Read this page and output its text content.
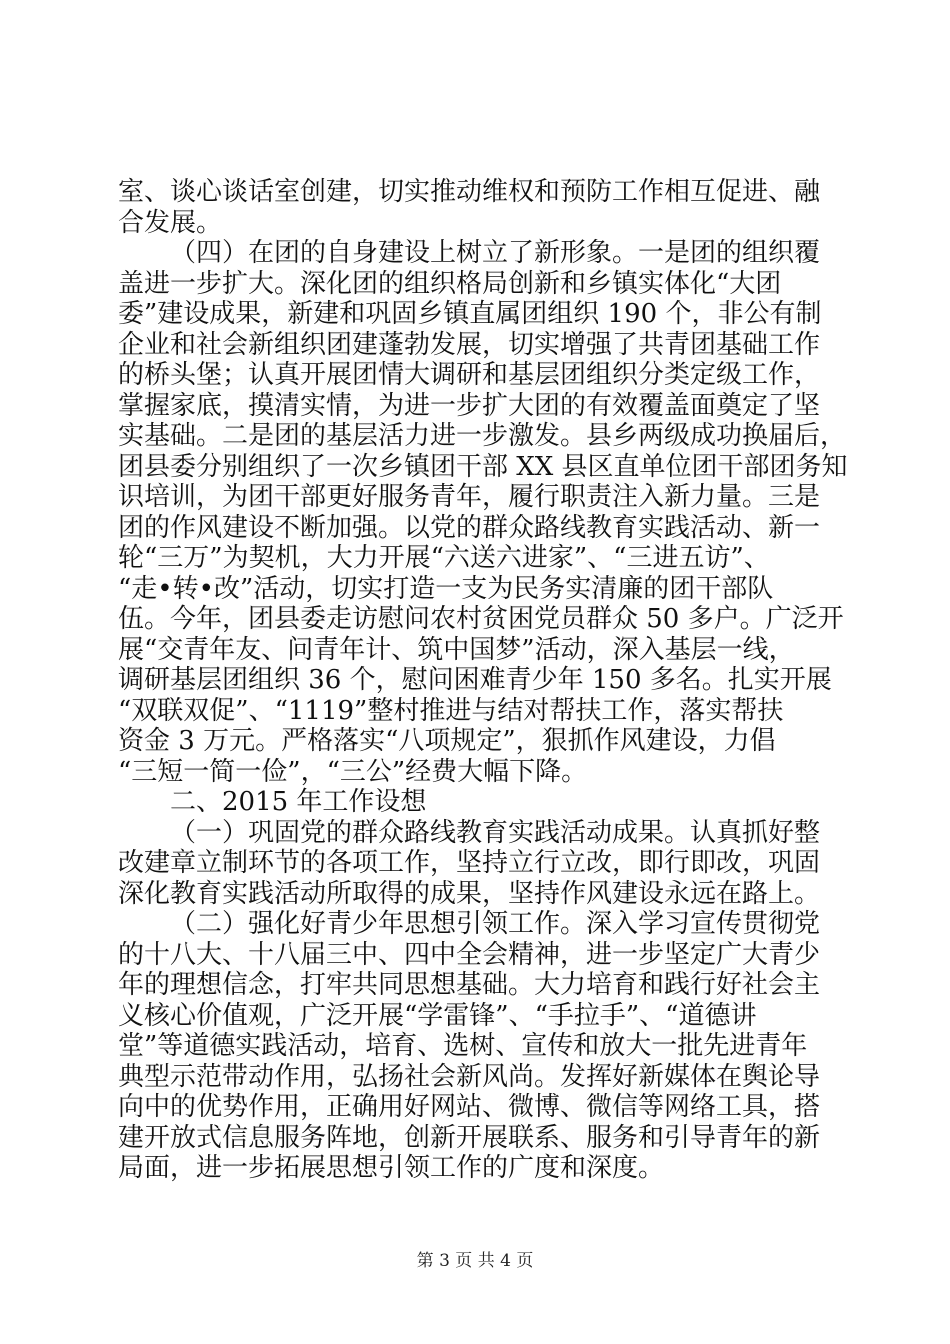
室、谈心谈话室创建，切实推动维权和预防工作相互促进、融
合发展。
（四）在团的自身建设上树立了新形象。一是团的组织覆
盖进一步扩大。深化团的组织格局创新和乡镇实体化“大团
委”建设成果，新建和巩固乡镇直属团组织 190 个，非公有制
企业和社会新组织团建蓬勃发展，切实增强了共青团基础工作
的桥头堡；认真开展团情大调研和基层团组织分类定级工作，
掌握家底，摸清实情，为进一步扩大团的有效覆盖面奠定了坚
实基础。二是团的基层活力进一步激发。县乡两级成功换届后，
团县委分别组织了一次乡镇团干部 XX 县区直单位团干部团务知
识培训，为团干部更好服务青年，履行职责注入新力量。三是
团的作风建设不断加强。以党的群众路线教育实践活动、新一
轮“三万”为契机，大力开展“六送六进家”、“三进五访”、
“走•转•改”活动，切实打造一支为民务实清廉的团干部队
伍。今年，团县委走访慰问农村贫困党员群众 50 多户。广泛开
展“交青年友、问青年计、筑中国梦”活动，深入基层一线，
调研基层团组织 36 个，慰问困难青少年 150 多名。扎实开展
“双联双促”、“1119”整村推进与结对帮扶工作，落实帮扶
资金 3 万元。严格落实“八项规定”，狠抓作风建设，力倡
“三短一简一俭”，“三公”经费大幅下降。
二、2015 年工作设想
（一）巩固党的群众路线教育实践活动成果。认真抓好整
改建章立制环节的各项工作，坚持立行立改，即行即改，巩固
深化教育实践活动所取得的成果，坚持作风建设永远在路上。
（二）强化好青少年思想引领工作。深入学习宣传贯彻党
的十八大、十八届三中、四中全会精神，进一步坚定广大青少
年的理想信念，打牢共同思想基础。大力培育和践行好社会主
义核心价值观，广泛开展“学雷锋”、“手拉手”、“道德讲
堂”等道德实践活动，培育、选树、宣传和放大一批先进青年
典型示范带动作用，弘扬社会新风尚。发挥好新媒体在舆论导
向中的优势作用，正确用好网站、微博、微信等网络工具，搭
建开放式信息服务阵地，创新开展联系、服务和引导青年的新
局面，进一步拓展思想引领工作的广度和深度。
第 3 页 共 4 页
